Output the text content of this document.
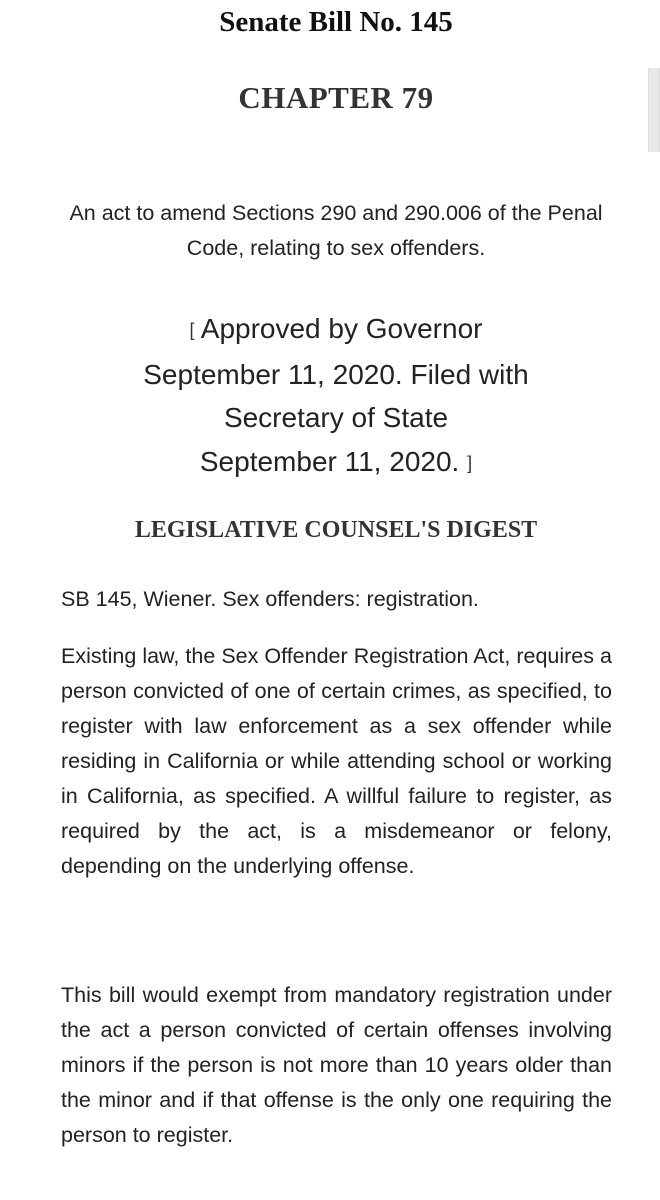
Senate Bill No. 145
CHAPTER 79

An act to amend Sections 290 and 290.006 of the Penal Code, relating to sex offenders.

[ Approved by Governor
September 11, 2020. Filed with
Secretary of State
September 11, 2020. ]
LEGISLATIVE COUNSEL'S DIGEST

SB 145, Wiener. Sex offenders: registration.

Existing law, the Sex Offender Registration Act, requires a person convicted of one of certain crimes, as specified, to register with law enforcement as a sex offender while residing in California or while attending school or working in California, as specified. A willful failure to register, as required by the act, is a misdemeanor or felony, depending on the underlying offense.

This bill would exempt from mandatory registration under the act a person convicted of certain offenses involving minors if the person is not more than 10 years older than the minor and if that offense is the only one requiring the person to register.
